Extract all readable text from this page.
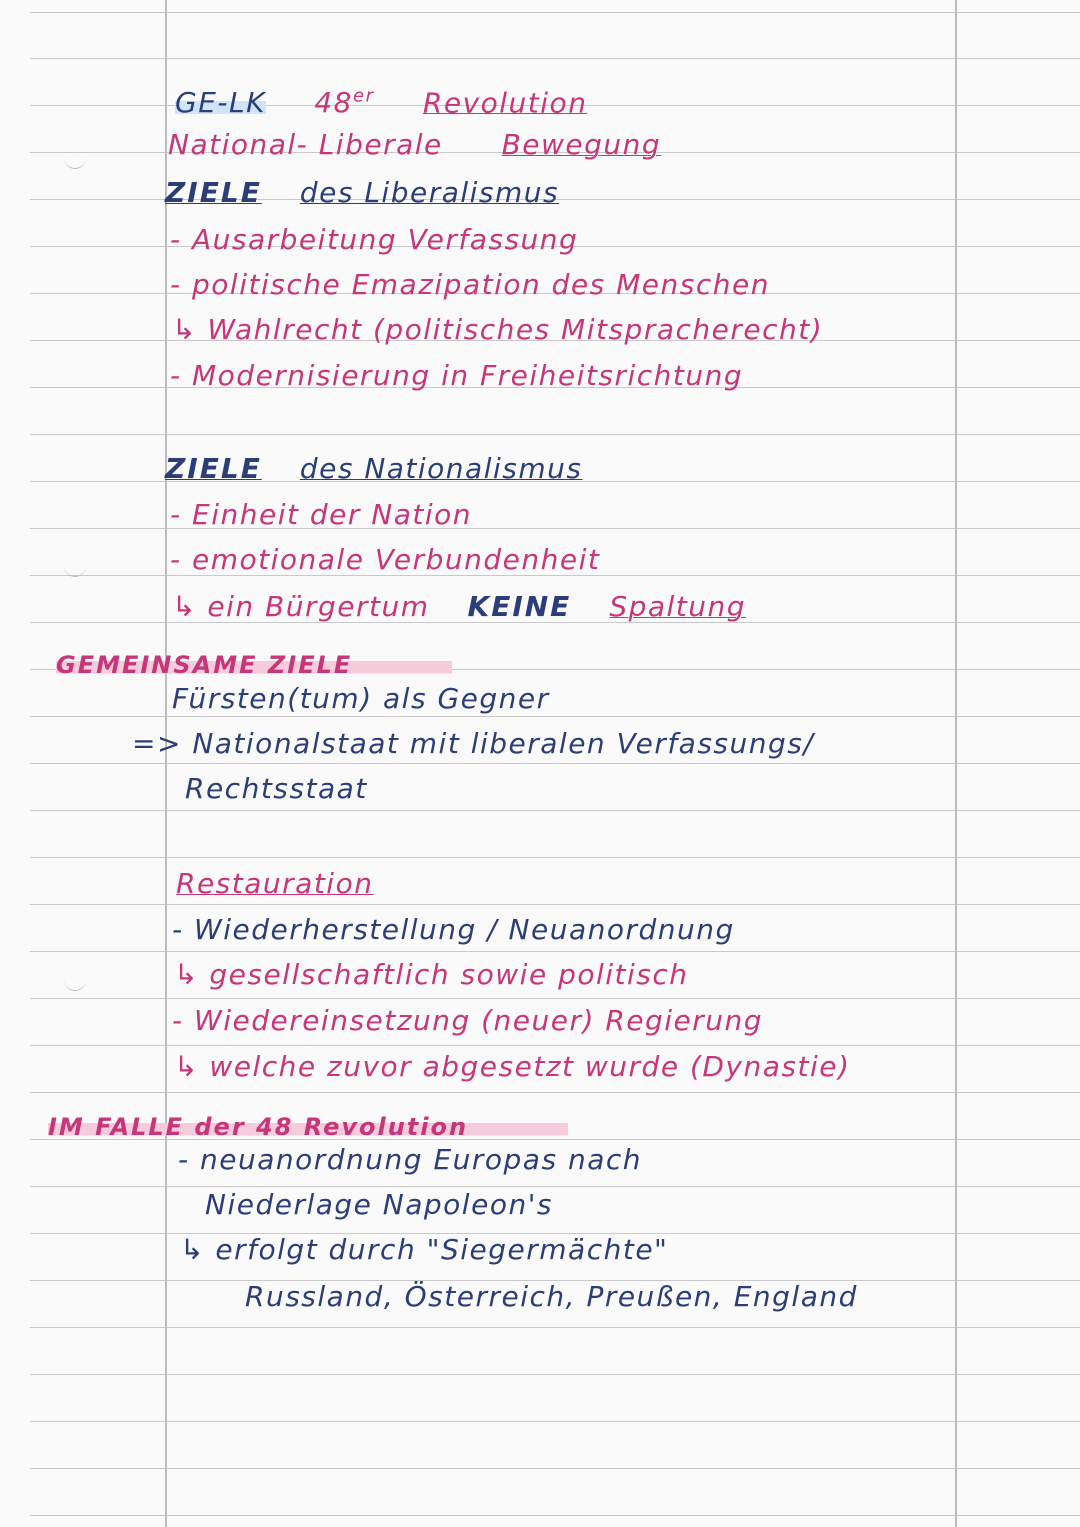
GE-LK 48er Revolution
National- Liberale Bewegung
ZIELE des Liberalismus
- Ausarbeitung Verfassung
- politische Emazipation des Menschen
↳ Wahlrecht (politisches Mitspracherecht)
- Modernisierung in Freiheitsrichtung
ZIELE des Nationalismus
- Einheit der Nation
- emotionale Verbundenheit
↳ ein Bürgertum KEINE Spaltung
GEMEINSAME ZIELE
Fürsten(tum) als Gegner
=> Nationalstaat mit liberalen Verfassungs/
Rechtsstaat
Restauration
- Wiederherstellung / Neuanordnung
↳ gesellschaftlich sowie politisch
- Wiedereinsetzung (neuer) Regierung
↳ welche zuvor abgesetzt wurde (Dynastie)
IM FALLE der 48 Revolution
- neuanordnung Europas nach
Niederlage Napoleon's
↳ erfolgt durch "Siegermächte"
Russland, Österreich, Preußen, England
